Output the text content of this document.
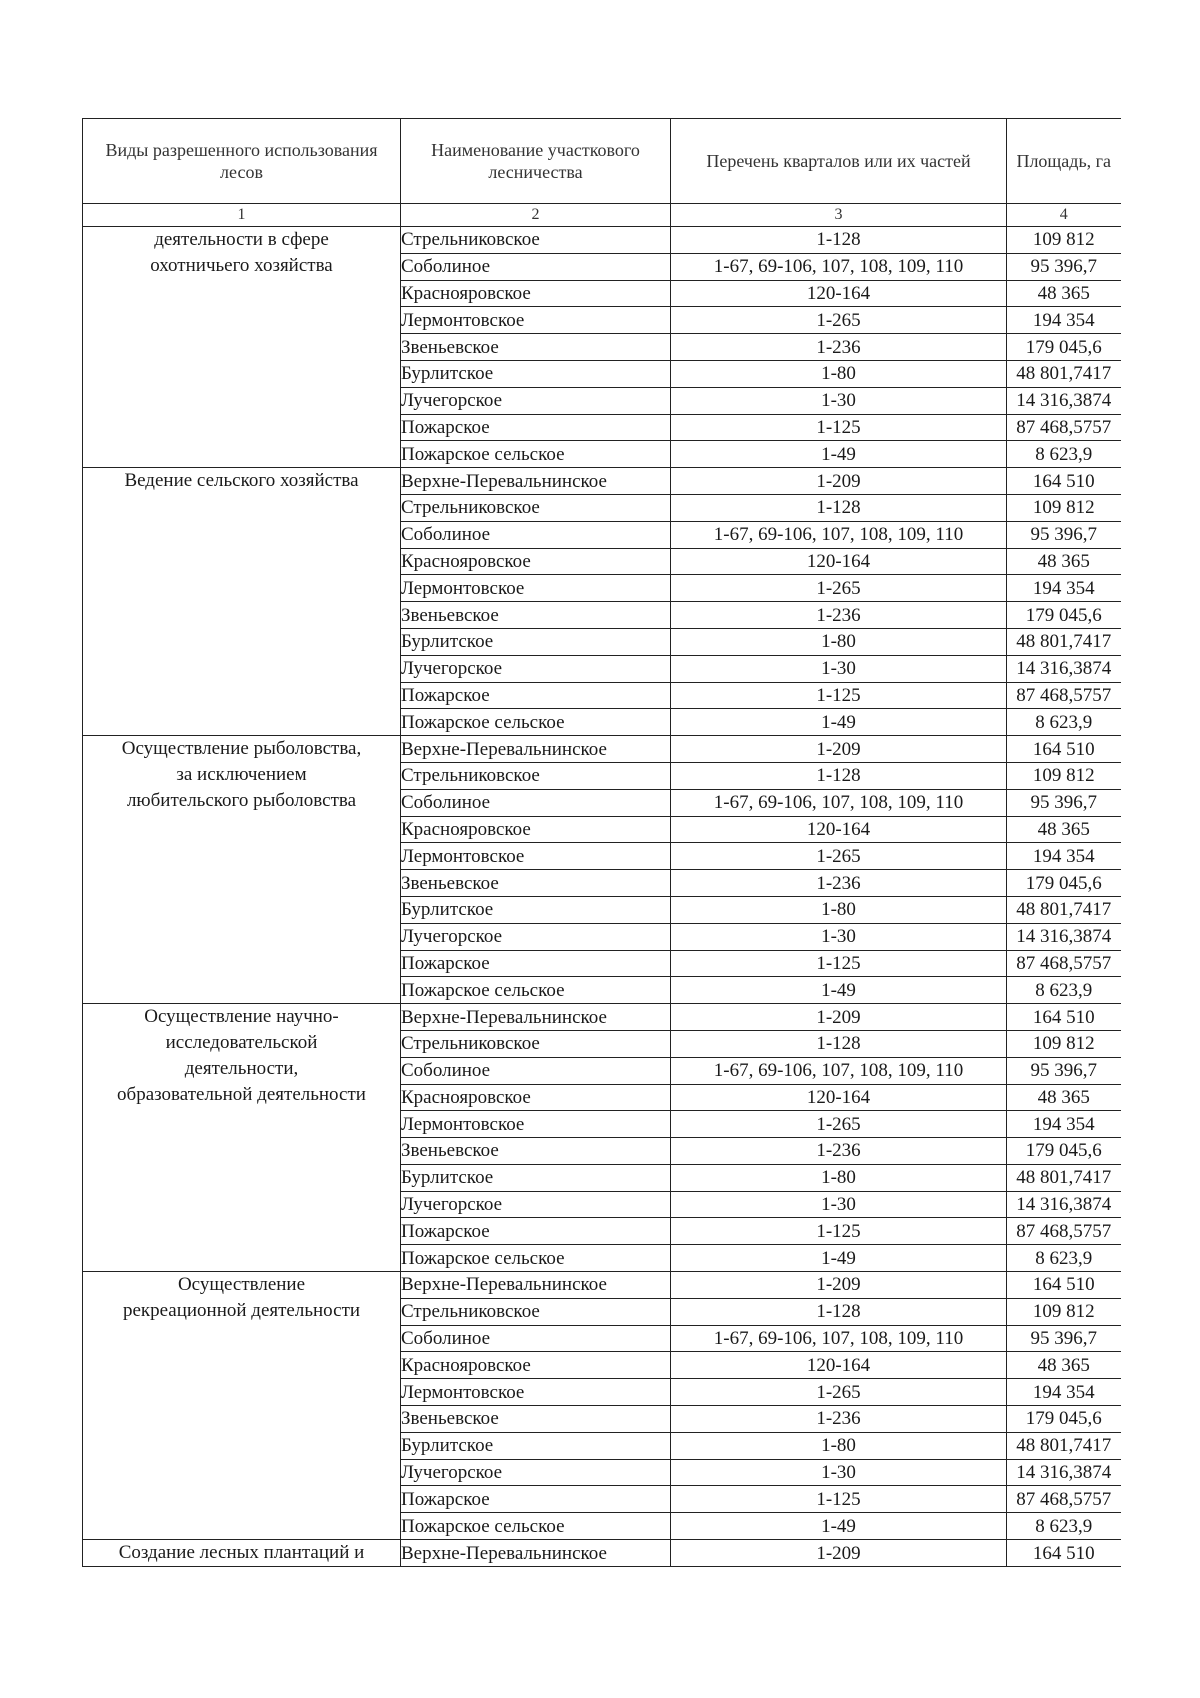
Виды разрешенного использования лесов	Наименование участкового лесничества	Перечень кварталов или их частей	Площадь, га
1	2	3	4

деятельности в сфере
охотничьего хозяйства	Стрельниковское	1-128	109 812
	Соболиное	1-67, 69-106, 107, 108, 109, 110	95 396,7
	Краснояровское	120-164	48 365
	Лермонтовское	1-265	194 354
	Звеньевское	1-236	179 045,6
	Бурлитское	1-80	48 801,7417
	Лучегорское	1-30	14 316,3874
	Пожарское	1-125	87 468,5757
	Пожарское сельское	1-49	8 623,9

Ведение сельского хозяйства	Верхне-Перевальнинское	1-209	164 510
	Стрельниковское	1-128	109 812
	Соболиное	1-67, 69-106, 107, 108, 109, 110	95 396,7
	Краснояровское	120-164	48 365
	Лермонтовское	1-265	194 354
	Звеньевское	1-236	179 045,6
	Бурлитское	1-80	48 801,7417
	Лучегорское	1-30	14 316,3874
	Пожарское	1-125	87 468,5757
	Пожарское сельское	1-49	8 623,9

Осуществление рыболовства,
за исключением
любительского рыболовства	Верхне-Перевальнинское	1-209	164 510
	Стрельниковское	1-128	109 812
	Соболиное	1-67, 69-106, 107, 108, 109, 110	95 396,7
	Краснояровское	120-164	48 365
	Лермонтовское	1-265	194 354
	Звеньевское	1-236	179 045,6
	Бурлитское	1-80	48 801,7417
	Лучегорское	1-30	14 316,3874
	Пожарское	1-125	87 468,5757
	Пожарское сельское	1-49	8 623,9

Осуществление научно-
исследовательской
деятельности,
образовательной деятельности	Верхне-Перевальнинское	1-209	164 510
	Стрельниковское	1-128	109 812
	Соболиное	1-67, 69-106, 107, 108, 109, 110	95 396,7
	Краснояровское	120-164	48 365
	Лермонтовское	1-265	194 354
	Звеньевское	1-236	179 045,6
	Бурлитское	1-80	48 801,7417
	Лучегорское	1-30	14 316,3874
	Пожарское	1-125	87 468,5757
	Пожарское сельское	1-49	8 623,9

Осуществление
рекреационной деятельности	Верхне-Перевальнинское	1-209	164 510
	Стрельниковское	1-128	109 812
	Соболиное	1-67, 69-106, 107, 108, 109, 110	95 396,7
	Краснояровское	120-164	48 365
	Лермонтовское	1-265	194 354
	Звеньевское	1-236	179 045,6
	Бурлитское	1-80	48 801,7417
	Лучегорское	1-30	14 316,3874
	Пожарское	1-125	87 468,5757
	Пожарское сельское	1-49	8 623,9

Создание лесных плантаций и	Верхне-Перевальнинское	1-209	164 510
